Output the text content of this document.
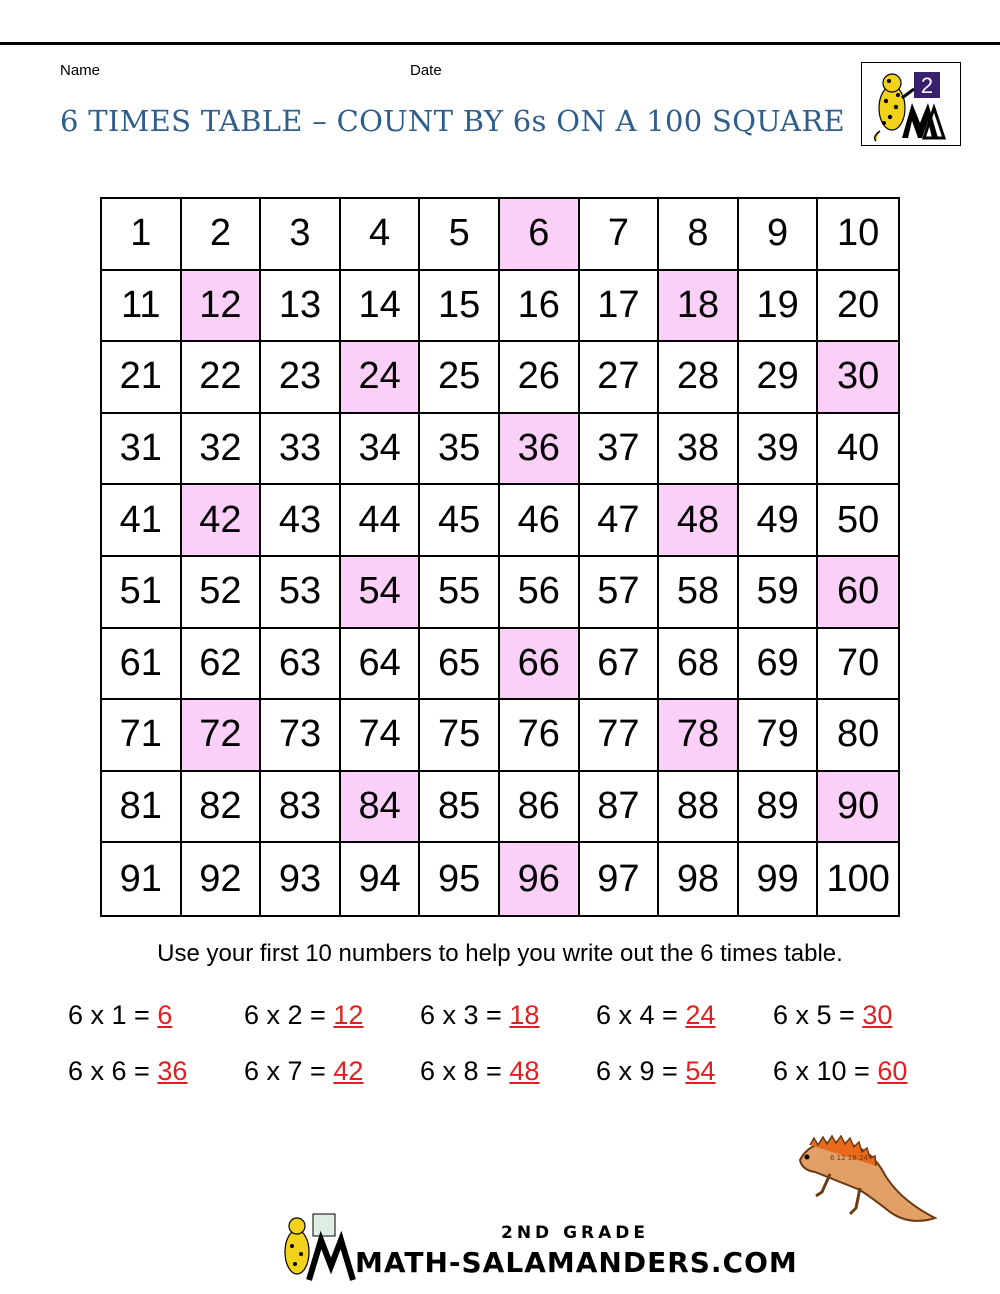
Name	Date
6 TIMES TABLE – COUNT BY 6s ON A 100 SQUARE
2
1	2	3	4	5	6	7	8	9	10
11	12 13 14 15 16 17 18 19	20
21 22 23 24 25 26 27 28 29	30
31 32 33 34 35 36 37 38 39	40
41 42 43 44 45 46 47 48 49	50
51 52 53 54 55 56 57 58 59	60
61 62 63 64 65 66 67 68 69	70
71 72 73 74 75 76 77 78 79	80
81 82 83 84 85 86 87 88 89	90
91 92 93 94 95 96 97 98 99 100
Use your first 10 numbers to help you write out the 6 times table.
6 x 1 = 6	6 x 2 = 12 6 x 3 = 18 6 x 4 = 24 6 x 5 = 30
6 x 6 = 36 6 x 7 = 42 6 x 8 = 48 6 x 9 = 54 6 x 10 = 60
6 12 18 24
2ND GRADE
MATH-SALAMANDERS.COM
